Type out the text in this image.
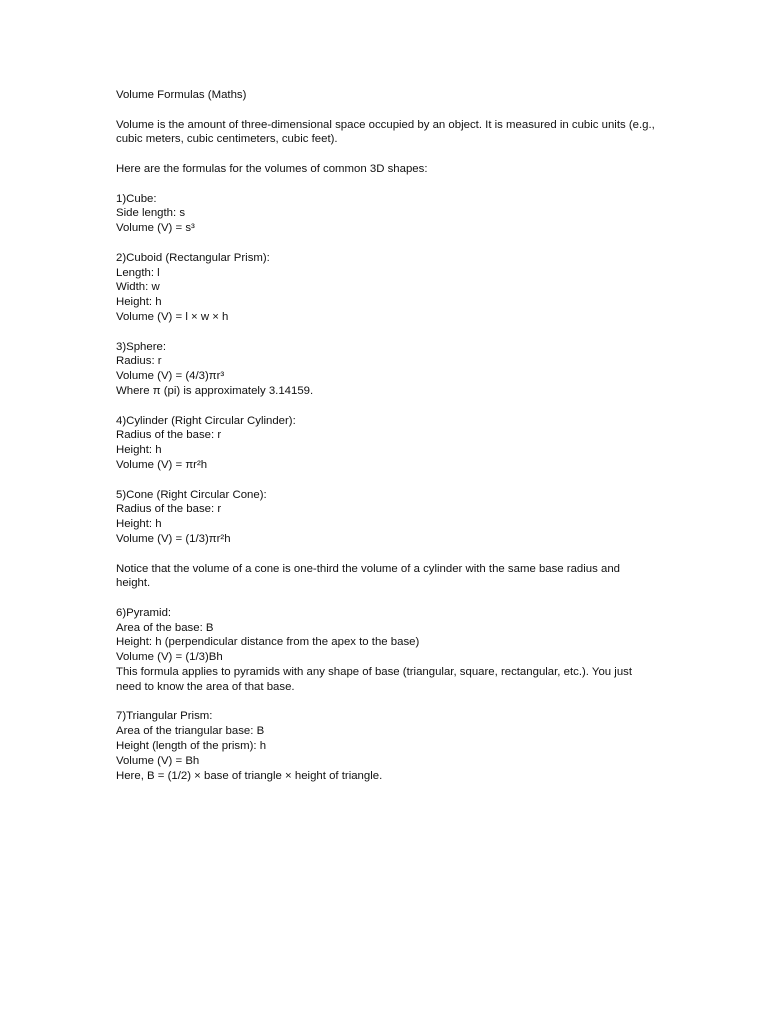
Volume Formulas (Maths)

Volume is the amount of three-dimensional space occupied by an object. It is measured in cubic units (e.g., cubic meters, cubic centimeters, cubic feet).

Here are the formulas for the volumes of common 3D shapes:

1)Cube:
Side length: s
Volume (V) = s³
2)Cuboid (Rectangular Prism):
Length: l
Width: w
Height: h
Volume (V) = l × w × h
3)Sphere:
Radius: r
Volume (V) = (4/3)πr³
Where π (pi) is approximately 3.14159.
4)Cylinder (Right Circular Cylinder):
Radius of the base: r
Height: h
Volume (V) = πr²h
5)Cone (Right Circular Cone):
Radius of the base: r
Height: h
Volume (V) = (1/3)πr²h

Notice that the volume of a cone is one-third the volume of a cylinder with the same base radius and height.

6)Pyramid:
Area of the base: B
Height: h (perpendicular distance from the apex to the base)
Volume (V) = (1/3)Bh
This formula applies to pyramids with any shape of base (triangular, square, rectangular, etc.). You just need to know the area of that base.
7)Triangular Prism:
Area of the triangular base: B
Height (length of the prism): h
Volume (V) = Bh
Here, B = (1/2) × base of triangle × height of triangle.
